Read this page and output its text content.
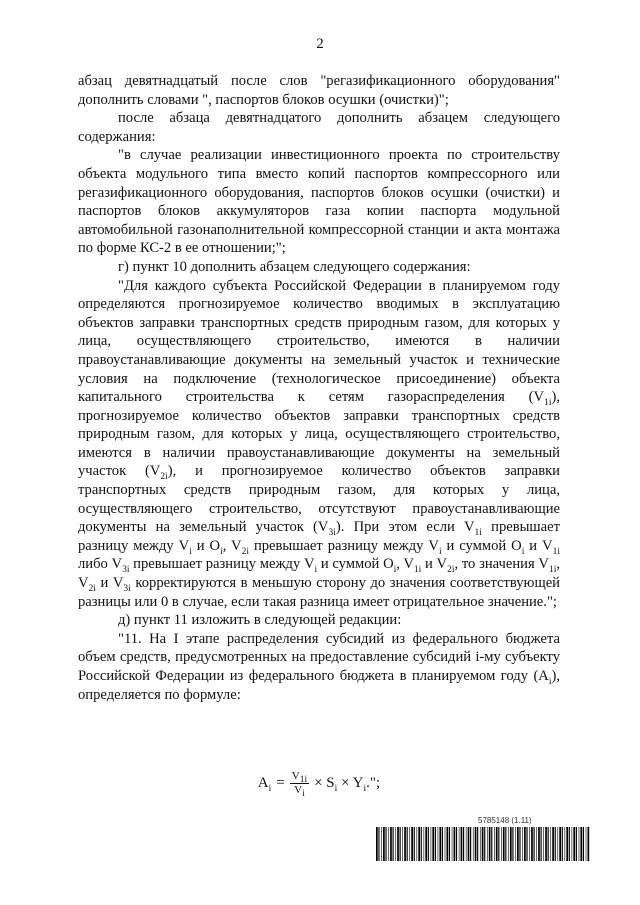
2

абзац девятнадцатый после слов "регазификационного оборудования" дополнить словами ", паспортов блоков осушки (очистки)";

после абзаца девятнадцатого дополнить абзацем следующего содержания:

"в случае реализации инвестиционного проекта по строительству объекта модульного типа вместо копий паспортов компрессорного или регазификационного оборудования, паспортов блоков осушки (очистки) и паспортов блоков аккумуляторов газа копии паспорта модульной автомобильной газонаполнительной компрессорной станции и акта монтажа по форме КС-2 в ее отношении;";

г) пункт 10 дополнить абзацем следующего содержания:

"Для каждого субъекта Российской Федерации в планируемом году определяются прогнозируемое количество вводимых в эксплуатацию объектов заправки транспортных средств природным газом, для которых у лица, осуществляющего строительство, имеются в наличии правоустанавливающие документы на земельный участок и технические условия на подключение (технологическое присоединение) объекта капитального строительства к сетям газораспределения $(V_{1i})$, прогнозируемое количество объектов заправки транспортных средств природным газом, для которых у лица, осуществляющего строительство, имеются в наличии правоустанавливающие документы на земельный участок $(V_{2i})$, и прогнозируемое количество объектов заправки транспортных средств природным газом, для которых у лица, осуществляющего строительство, отсутствуют правоустанавливающие документы на земельный участок $(V_{3i})$. При этом если $V_{1i}$ превышает разницу между $V_i$ и $O_i$, $V_{2i}$ превышает разницу между $V_i$ и суммой $O_i$ и $V_{1i}$ либо $V_{3i}$ превышает разницу между $V_i$ и суммой $O_i$, $V_{1i}$ и $V_{2i}$, то значения $V_{1i}$, $V_{2i}$ и $V_{3i}$ корректируются в меньшую сторону до значения соответствующей разницы или 0 в случае, если такая разница имеет отрицательное значение.";

д) пункт 11 изложить в следующей редакции:

"11. На I этапе распределения субсидий из федерального бюджета объем средств, предусмотренных на предоставление субсидий i-му субъекту Российской Федерации из федерального бюджета в планируемом году $(A_i)$, определяется по формуле:

$A_i = \frac{V_{1i}}{V_i} \times S_i \times Y_i$.";
5785148 (1.11)
